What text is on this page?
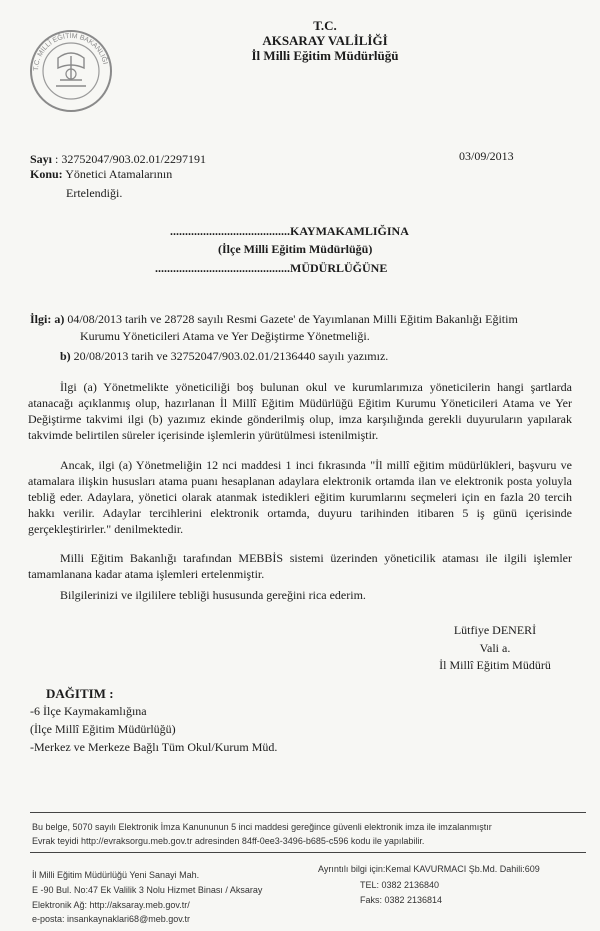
T.C. MİLLÎ EĞİTİM BAKANLIĞI
T.C.
AKSARAY VALİLİĞİ
İl Milli Eğitim Müdürlüğü
Sayı : 32752047/903.02.01/2297191	03/09/2013
Konu: Yönetici Atamalarının
Ertelendiği.
........................................KAYMAKAMLIĞINA
(İlçe Milli Eğitim Müdürlüğü)
.............................................MÜDÜRLÜĞÜNE
İlgi: a) 04/08/2013 tarih ve 28728 sayılı Resmi Gazete' de Yayımlanan Milli Eğitim Bakanlığı Eğitim
Kurumu Yöneticileri Atama ve Yer Değiştirme Yönetmeliği.
b) 20/08/2013 tarih ve 32752047/903.02.01/2136440 sayılı yazımız.
İlgi (a) Yönetmelikte yöneticiliği boş bulunan okul ve kurumlarımıza yöneticilerin hangi şartlarda atanacağı açıklanmış olup, hazırlanan İl Millî Eğitim Müdürlüğü Eğitim Kurumu Yöneticileri Atama ve Yer Değiştirme takvimi ilgi (b) yazımız ekinde gönderilmiş olup, imza karşılığında gerekli duyuruların yapılarak takvimde belirtilen süreler içerisinde işlemlerin yürütülmesi istenilmiştir.
Ancak, ilgi (a) Yönetmeliğin 12 nci maddesi 1 inci fıkrasında "İl millî eğitim müdürlükleri, başvuru ve atamalara ilişkin hususları atama puanı hesaplanan adaylara elektronik ortamda ilan ve elektronik posta yoluyla tebliğ eder. Adaylara, yönetici olarak atanmak istedikleri eğitim kurumlarını seçmeleri için en fazla 20 tercih hakkı verilir. Adaylar tercihlerini elektronik ortamda, duyuru tarihinden itibaren 5 iş günü içerisinde gerçekleştirirler." denilmektedir.
Milli Eğitim Bakanlığı tarafından MEBBİS sistemi üzerinden yöneticilik ataması ile ilgili işlemler tamamlanana kadar atama işlemleri ertelenmiştir.
Bilgilerinizi ve ilgililere tebliği hususunda gereğini rica ederim.
Lütfiye DENERİ
Vali a.
İl Millî Eğitim Müdürü
DAĞITIM :
-6 İlçe Kaymakamlığına
(İlçe Millî Eğitim Müdürlüğü)
-Merkez ve Merkeze Bağlı Tüm Okul/Kurum Müd.
Bu belge, 5070 sayılı Elektronik İmza Kanununun 5 inci maddesi gereğince güvenli elektronik imza ile imzalanmıştır
Evrak teyidi http://evraksorgu.meb.gov.tr adresinden 84ff-0ee3-3496-b685-c596 kodu ile yapılabilir.
İl Milli Eğitim Müdürlüğü Yeni Sanayi Mah.
E -90 Bul. No:47 Ek Valilik 3 Nolu Hizmet Binası / Aksaray
Elektronik Ağ: http://aksaray.meb.gov.tr/
e-posta: insankaynaklari68@meb.gov.tr
Ayrıntılı bilgi için:Kemal KAVURMACI Şb.Md. Dahili:609
TEL: 0382 2136840
Faks: 0382 2136814
